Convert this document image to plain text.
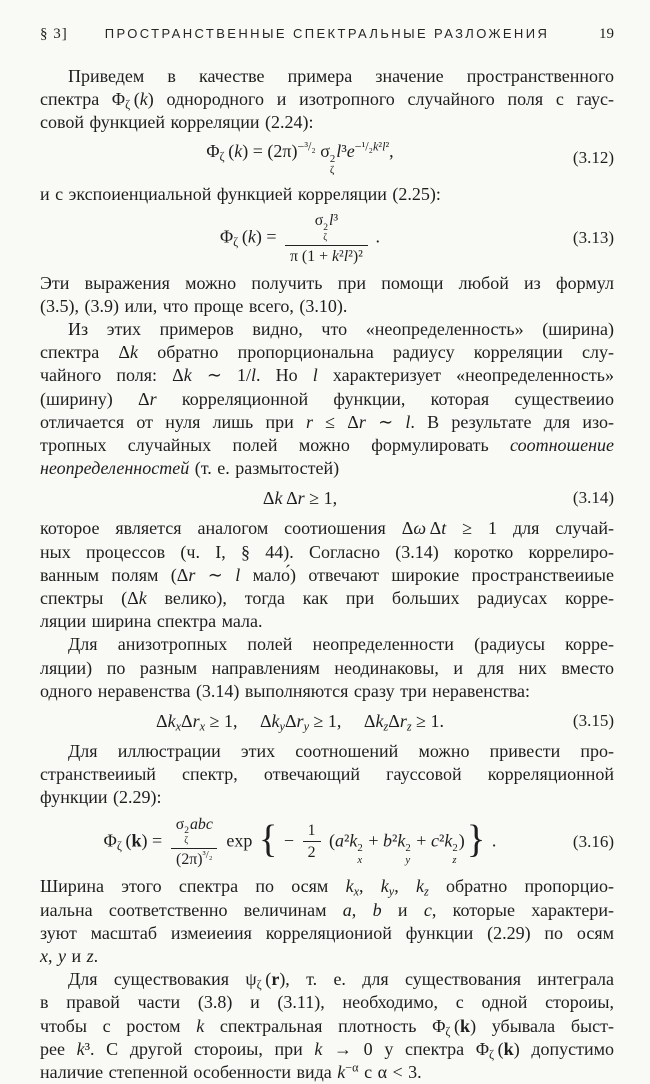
§ 3]	ПРОСТРАНСТВЕННЫЕ СПЕКТРАЛЬНЫЕ РАЗЛОЖЕНИЯ	19
Приведем в качестве примера значение пространственного
спектра $\Phi_\zeta$ (k) однородного и изотропного случайного поля с гаус-
совой функцией корреляции (2.24):
$\Phi_\zeta$ $(k) = (2\pi)^{-^3/_2}$ σ 2
ζ
$l^3e^{-^1/_2k^2l^2}$,	(3.12)
и с экспоиенциальной функцией корреляции (2.25):
$\Phi_\zeta$ (k) = σ 2
ζ
l³
π (1 + k²l²)²  .	(3.13)
Эти выражения можно получить при помощи любой из формул
(3.5), (3.9) или, что проще всего, (3.10).
Из этих примеров видно, что «неопределенность» (ширина)
спектра Δk обратно пропорциональна радиусу корреляции слу-
чайного поля: Δk ∼ 1/l. Но l характеризует «неопределенность»
(ширину) Δr корреляционной функции, которая существеиио
отличается от нуля лишь при r ≤ Δr ∼ l. В результате для изо-
тропных случайных полей можно формулировать соотношение
неопределенностей (т. е. размытостей)
Δk Δr ≥ 1,	(3.14)
которое является аналогом соотиошения Δω Δt ≥ 1 для случай-
ных процессов (ч. I, § 44). Согласно (3.14) коротко коррелиро-
ванным полям (Δr ∼ l мало́) отвечают широкие пространствеииые
спектры (Δk велико), тогда как при больших радиусах корре-
ляции ширина спектра мала.
Для анизотропных полей неопределенности (радиусы корре-
ляции) по разным направлениям неодинаковы, и для них вместо
одного неравенства (3.14) выполняются сразу три неравенства:
$\Delta k_x\Delta r_x \ge 1$,  $\Delta k_y\Delta r_y \ge 1$,  $\Delta k_z\Delta r_z \ge 1$.	(3.15)
Для иллюстрации этих соотношений можно привести про-
странствеииый спектр, отвечающий гауссовой корреляционной
функции (2.29):
$\Phi_\zeta$ (k) = σ 2
ζ
abc
$(2\pi)^{^3/_2}$ exp { − $\frac{1}{2} (a^2k$ 2
x
+ b²k 2
y
+ c²k 2
z
)} .	(3.16)
Ширина этого спектра по осям $k_x$, $k_y$, $k_z$ обратно пропорцио-
иальна соответственно величинам a, b и c, которые характери-
зуют масштаб измеиеиия корреляциониой функции (2.29) по осям
x, y и z.
Для существовакия $\psi_\zeta$ (r), т. е. для существования интеграла
в правой части (3.8) и (3.11), необходимо, с одной стороиы,
чтобы с ростом k спектральная плотность $\Phi_\zeta$ (k) убывала быст-
рее k³. С другой стороиы, при k → 0 у спектра $\Phi_\zeta$ (k) допустимо
наличие степенной особенности вида $k^{-\alpha}$ с α < 3.
